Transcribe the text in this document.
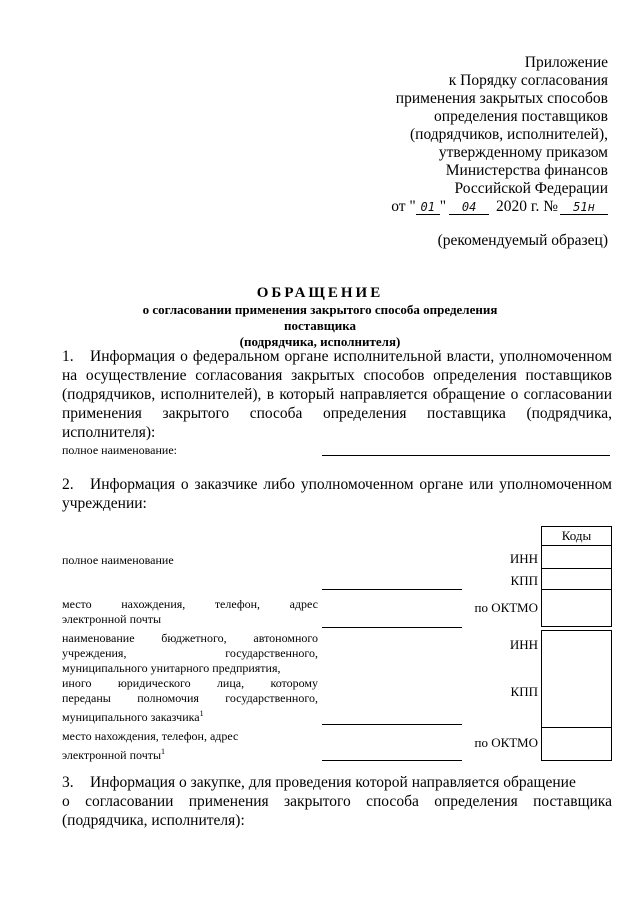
Приложение
к Порядку согласования
применения закрытых способов
определения поставщиков
(подрядчиков, исполнителей),
утвержденному приказом
Министерства финансов
Российской Федерации
от " 01 " 04 2020 г. № 51н
(рекомендуемый образец)
ОБРАЩЕНИЕ
о согласовании применения закрытого способа определения поставщика
(подрядчика, исполнителя)
1. Информация о федеральном органе исполнительной власти, уполномоченном на осуществление согласования закрытых способов определения поставщиков (подрядчиков, исполнителей), в который направляется обращение о согласовании применения закрытого способа определения поставщика (подрядчика, исполнителя):
полное наименование:
2. Информация о заказчике либо уполномоченном органе или уполномоченном учреждении:
Коды
ИНН
КПП
по ОКТМО
ИНН
КПП
по ОКТМО
полное наименование
место нахождения, телефон, адрес
электронной почты
наименование бюджетного, автономного
учреждения,	государственного,
муниципального унитарного предприятия,
иного юридического лица, которому
переданы полномочия государственного,
муниципального заказчика$^1$
место нахождения, телефон, адрес
электронной почты$^1$
3. Информация о закупке, для проведения которой направляется обращение
о согласовании применения закрытого способа определения поставщика
(подрядчика, исполнителя):
